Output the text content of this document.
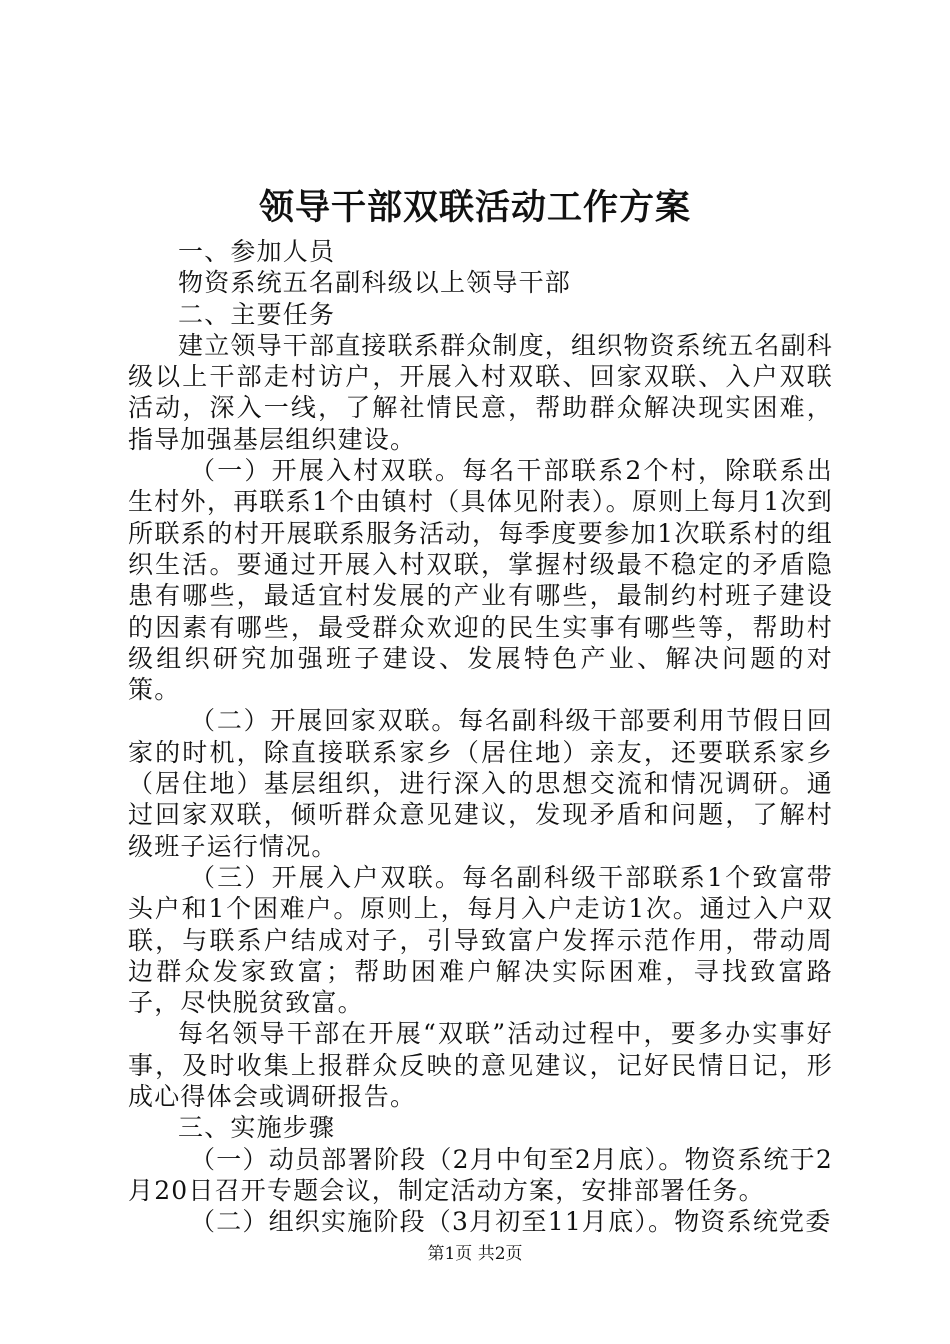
领导干部双联活动工作方案

一、参加人员

物资系统五名副科级以上领导干部

二、主要任务

建立领导干部直接联系群众制度，组织物资系统五名副科级以上干部走村访户，开展入村双联、回家双联、入户双联活动，深入一线，了解社情民意，帮助群众解决现实困难，指导加强基层组织建设。

（一）开展入村双联。每名干部联系2个村，除联系出生村外，再联系1个由镇村（具体见附表）。原则上每月1次到所联系的村开展联系服务活动，每季度要参加1次联系村的组织生活。要通过开展入村双联，掌握村级最不稳定的矛盾隐患有哪些，最适宜村发展的产业有哪些，最制约村班子建设的因素有哪些，最受群众欢迎的民生实事有哪些等，帮助村级组织研究加强班子建设、发展特色产业、解决问题的对策。

（二）开展回家双联。每名副科级干部要利用节假日回家的时机，除直接联系家乡（居住地）亲友，还要联系家乡（居住地）基层组织，进行深入的思想交流和情况调研。通过回家双联，倾听群众意见建议，发现矛盾和问题，了解村级班子运行情况。

（三）开展入户双联。每名副科级干部联系1个致富带头户和1个困难户。原则上，每月入户走访1次。通过入户双联，与联系户结成对子，引导致富户发挥示范作用，带动周边群众发家致富；帮助困难户解决实际困难，寻找致富路子，尽快脱贫致富。

每名领导干部在开展“双联”活动过程中，要多办实事好事，及时收集上报群众反映的意见建议，记好民情日记，形成心得体会或调研报告。

三、实施步骤

（一）动员部署阶段（2月中旬至2月底）。物资系统于2月20日召开专题会议，制定活动方案，安排部署任务。

（二）组织实施阶段（3月初至11月底）。物资系统党委

第1页 共2页
